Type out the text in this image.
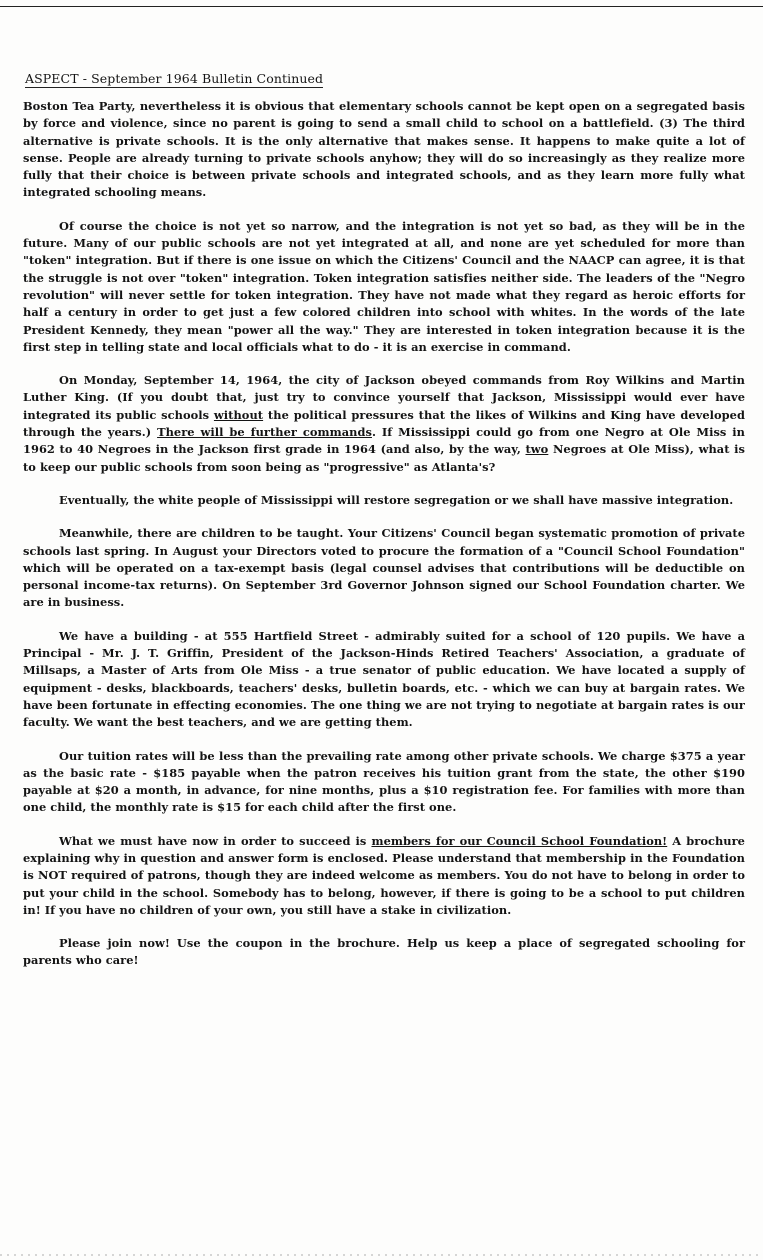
ASPECT - September 1964 Bulletin Continued

Boston Tea Party, nevertheless it is obvious that elementary schools cannot be kept open on a segregated basis by force and violence, since no parent is going to send a small child to school on a battlefield. (3) The third alternative is private schools. It is the only alternative that makes sense. It happens to make quite a lot of sense. People are already turning to private schools anyhow; they will do so increasingly as they realize more fully that their choice is between private schools and integrated schools, and as they learn more fully what integrated schooling means.

Of course the choice is not yet so narrow, and the integration is not yet so bad, as they will be in the future. Many of our public schools are not yet integrated at all, and none are yet scheduled for more than "token" integration. But if there is one issue on which the Citizens' Council and the NAACP can agree, it is that the struggle is not over "token" integration. Token integration satisfies neither side. The leaders of the "Negro revolution" will never settle for token integration. They have not made what they regard as heroic efforts for half a century in order to get just a few colored children into school with whites. In the words of the late President Kennedy, they mean "power all the way." They are interested in token integration because it is the first step in telling state and local officials what to do - it is an exercise in command.

On Monday, September 14, 1964, the city of Jackson obeyed commands from Roy Wilkins and Martin Luther King. (If you doubt that, just try to convince yourself that Jackson, Mississippi would ever have integrated its public schools without the political pressures that the likes of Wilkins and King have developed through the years.) There will be further commands. If Mississippi could go from one Negro at Ole Miss in 1962 to 40 Negroes in the Jackson first grade in 1964 (and also, by the way, two Negroes at Ole Miss), what is to keep our public schools from soon being as "progressive" as Atlanta's?

Eventually, the white people of Mississippi will restore segregation or we shall have massive integration.

Meanwhile, there are children to be taught. Your Citizens' Council began systematic promotion of private schools last spring. In August your Directors voted to procure the formation of a "Council School Foundation" which will be operated on a tax-exempt basis (legal counsel advises that contributions will be deductible on personal income-tax returns). On September 3rd Governor Johnson signed our School Foundation charter. We are in business.

We have a building - at 555 Hartfield Street - admirably suited for a school of 120 pupils. We have a Principal - Mr. J. T. Griffin, President of the Jackson-Hinds Retired Teachers' Association, a graduate of Millsaps, a Master of Arts from Ole Miss - a true senator of public education. We have located a supply of equipment - desks, blackboards, teachers' desks, bulletin boards, etc. - which we can buy at bargain rates. We have been fortunate in effecting economies. The one thing we are not trying to negotiate at bargain rates is our faculty. We want the best teachers, and we are getting them.

Our tuition rates will be less than the prevailing rate among other private schools. We charge $375 a year as the basic rate - $185 payable when the patron receives his tuition grant from the state, the other $190 payable at $20 a month, in advance, for nine months, plus a $10 registration fee. For families with more than one child, the monthly rate is $15 for each child after the first one.

What we must have now in order to succeed is members for our Council School Foundation! A brochure explaining why in question and answer form is enclosed. Please understand that membership in the Foundation is NOT required of patrons, though they are indeed welcome as members. You do not have to belong in order to put your child in the school. Somebody has to belong, however, if there is going to be a school to put children in! If you have no children of your own, you still have a stake in civilization.

Please join now! Use the coupon in the brochure. Help us keep a place of segregated schooling for parents who care!
